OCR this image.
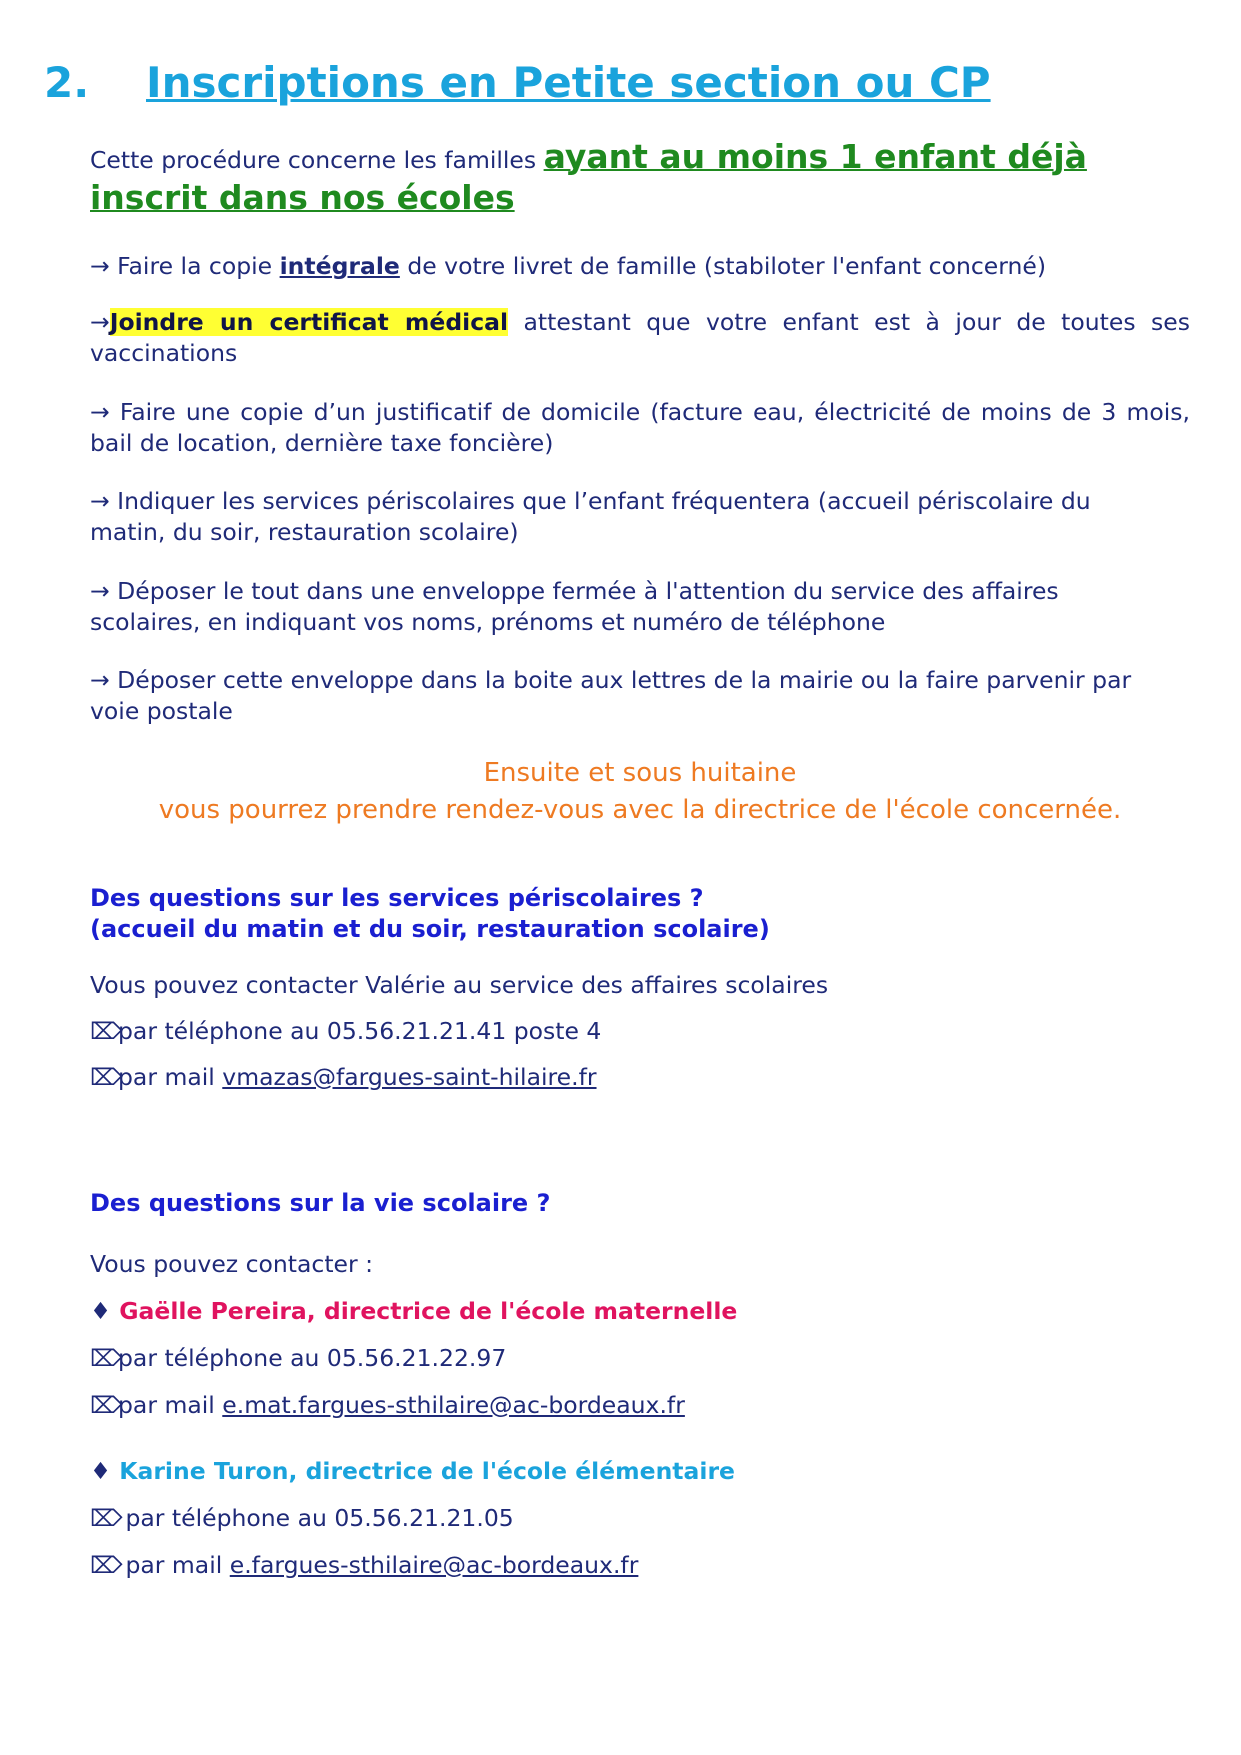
2. Inscriptions en Petite section ou CP
Cette procédure concerne les familles ayant au moins 1 enfant déjà inscrit dans nos écoles
→ Faire la copie intégrale de votre livret de famille (stabiloter l'enfant concerné)
→Joindre un certificat médical attestant que votre enfant est à jour de toutes ses vaccinations
→ Faire une copie d’un justificatif de domicile (facture eau, électricité de moins de 3 mois, bail de location, dernière taxe foncière)
→ Indiquer les services périscolaires que l’enfant fréquentera (accueil périscolaire du matin, du soir, restauration scolaire)
→ Déposer le tout dans une enveloppe fermée à l'attention du service des affaires scolaires, en indiquant vos noms, prénoms et numéro de téléphone
→ Déposer cette enveloppe dans la boite aux lettres de la mairie ou la faire parvenir par voie postale
Ensuite et sous huitaine
vous pourrez prendre rendez-vous avec la directrice de l'école concernée.
Des questions sur les services périscolaires ?
(accueil du matin et du soir, restauration scolaire)
Vous pouvez contacter Valérie au service des affaires scolaires
⌦par téléphone au 05.56.21.21.41 poste 4
⌦par mail vmazas@fargues-saint-hilaire.fr
Des questions sur la vie scolaire ?
Vous pouvez contacter :
♦ Gaëlle Pereira, directrice de l'école maternelle
⌦par téléphone au 05.56.21.22.97
⌦par mail e.mat.fargues-sthilaire@ac-bordeaux.fr
♦ Karine Turon, directrice de l'école élémentaire
⌦ par téléphone au 05.56.21.21.05
⌦ par mail e.fargues-sthilaire@ac-bordeaux.fr
